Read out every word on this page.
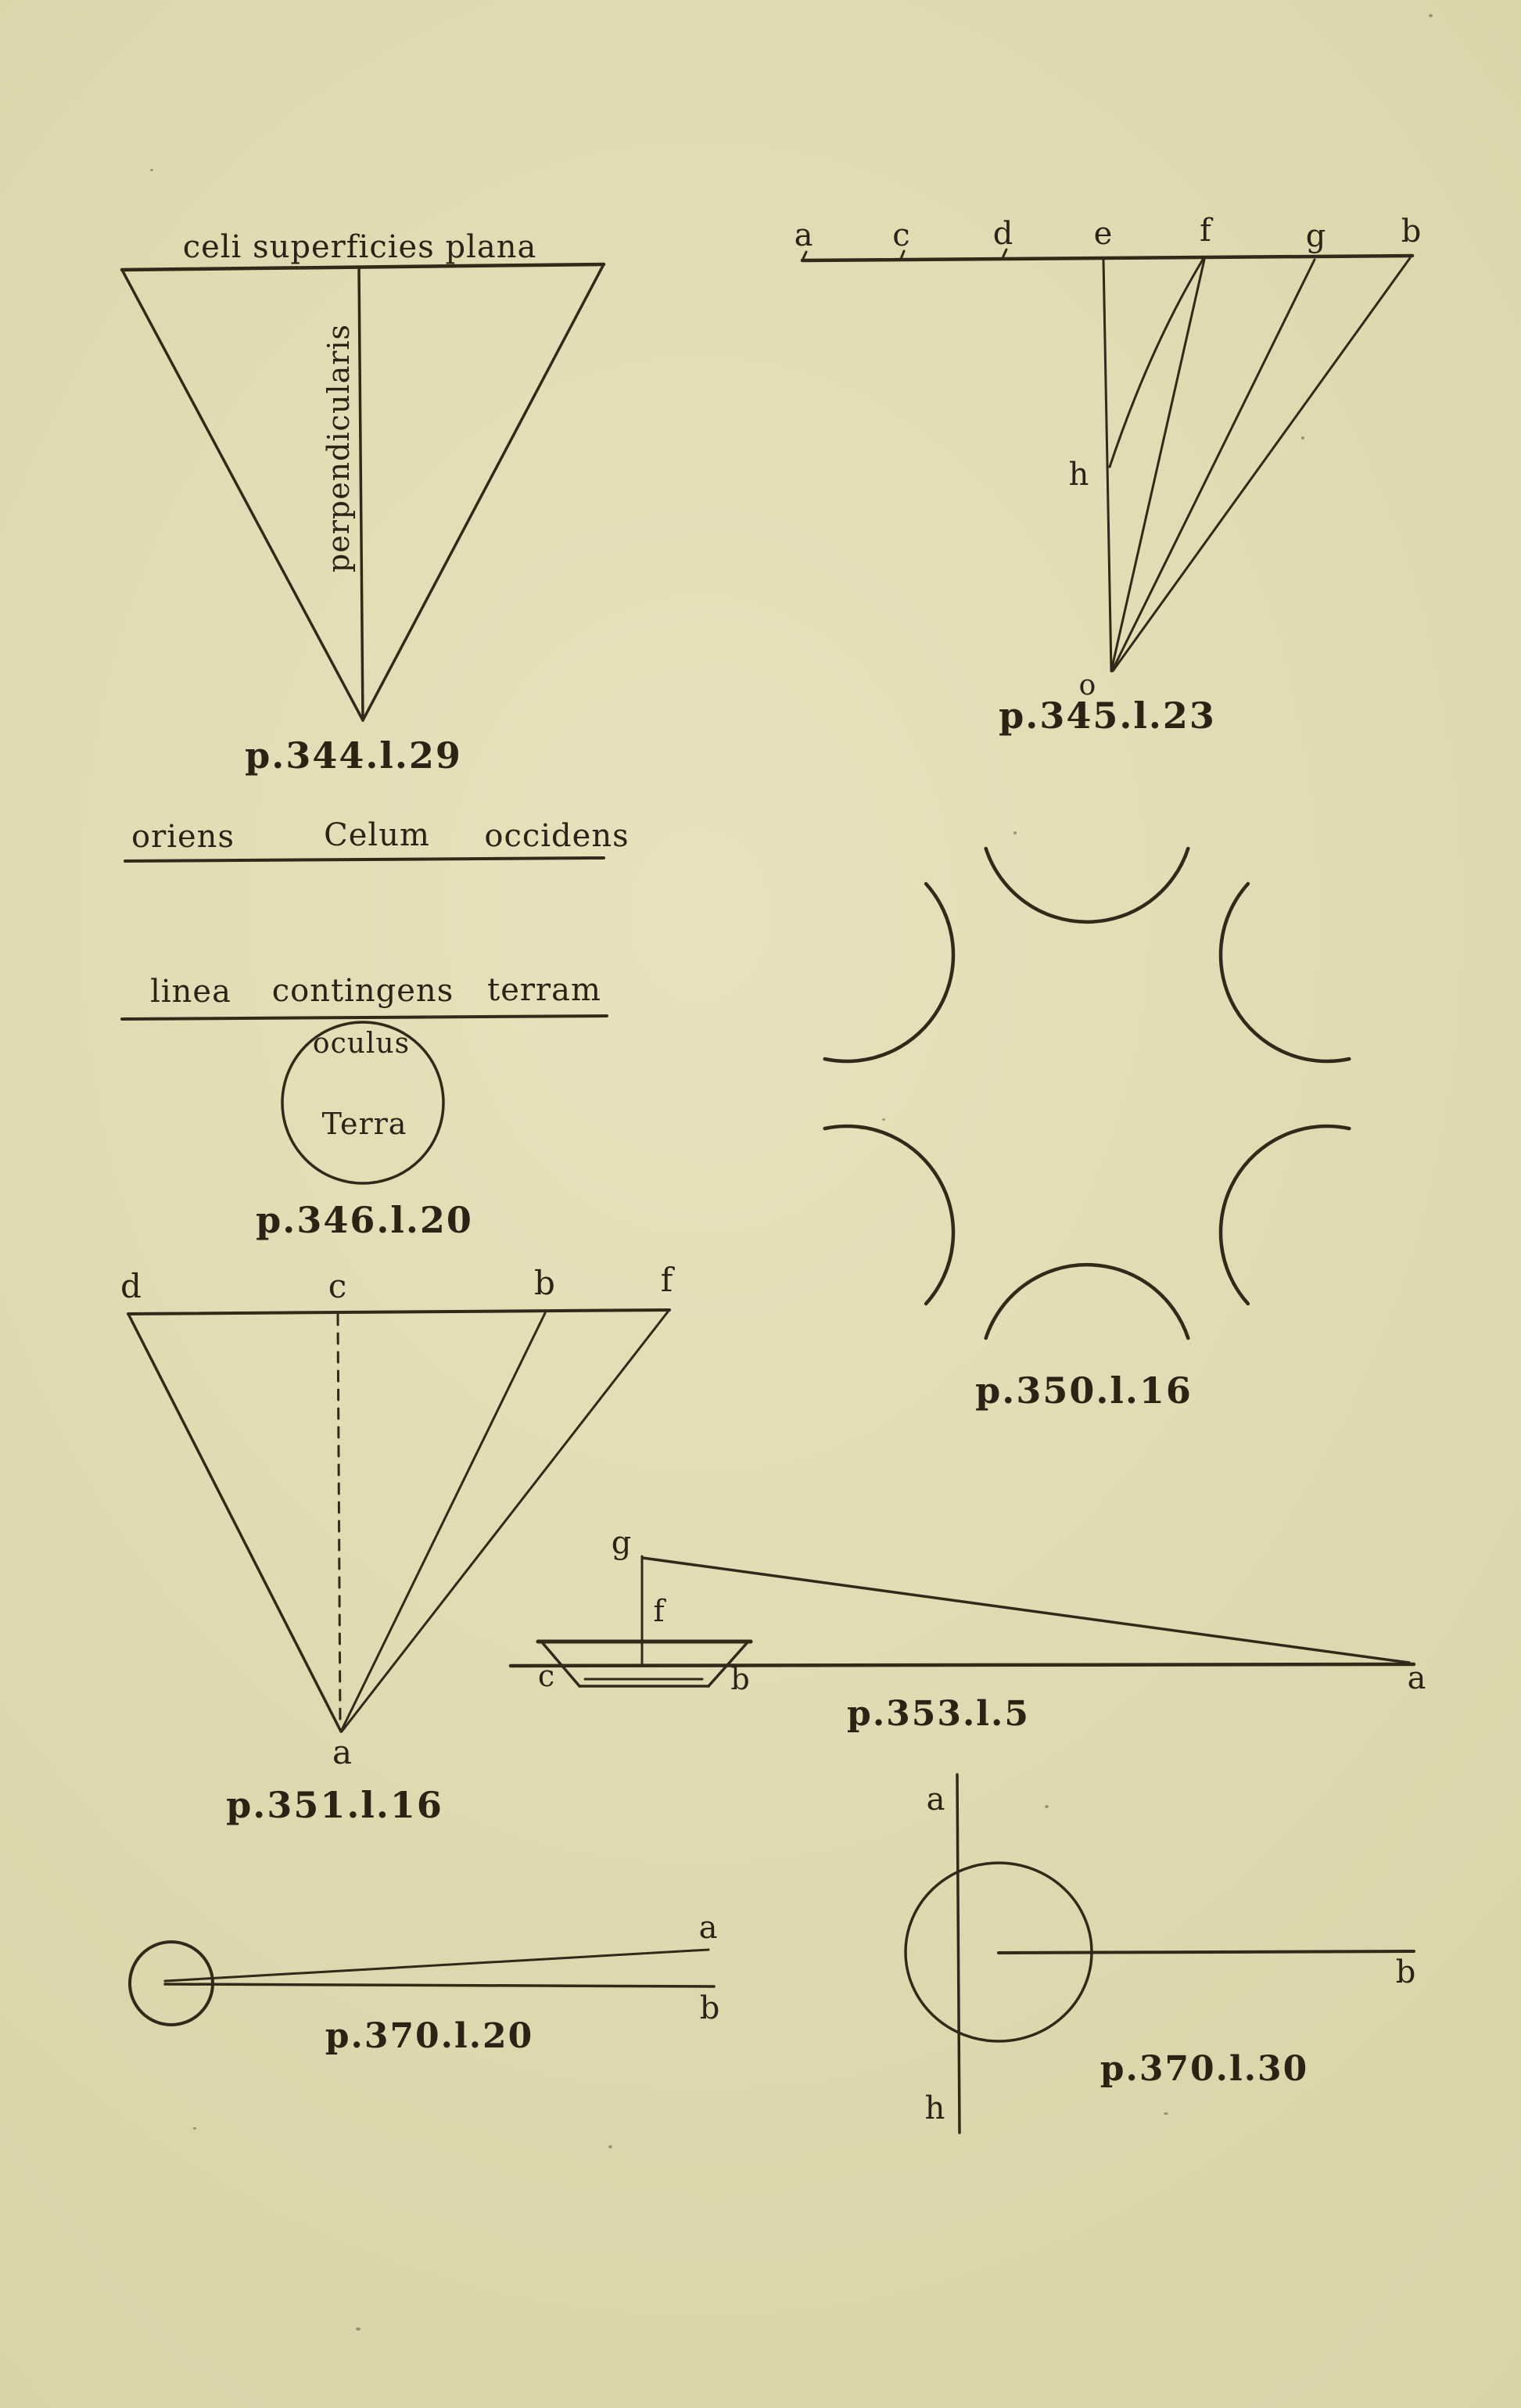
celi superficies plana
perpendicularis
p.344.l.29
a	c	d	e	f	g b
h
o
p.345.l.23
oriens	Celum occidens
linea contingens terram
oculus
Terra
p.346.l.20
p.350.l.16
d	c	b	f
a
p.351.l.16
g
f
c	b	a
p.353.l.5
a
b
p.370.l.20
a
h
b
p.370.l.30
